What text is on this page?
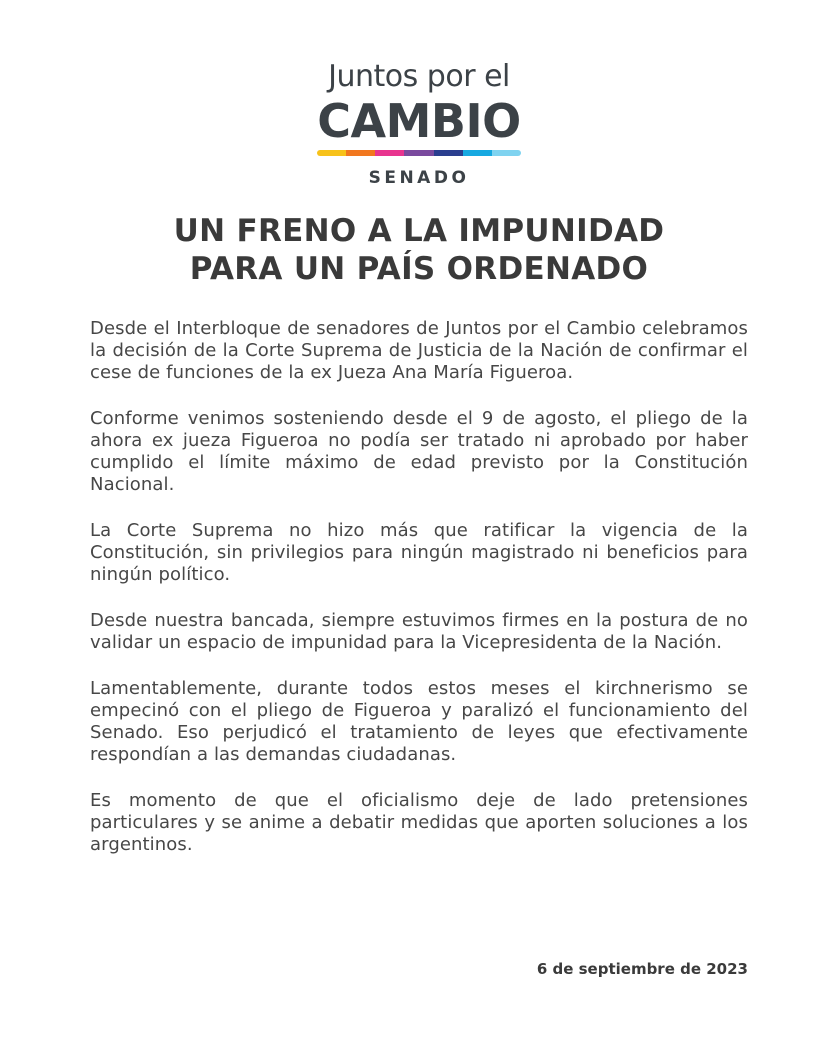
Juntos por el
CAMBIO
SENADO
UN FRENO A LA IMPUNIDAD
PARA UN PAÍS ORDENADO

Desde el Interbloque de senadores de Juntos por el Cambio celebramos la decisión de la Corte Suprema de Justicia de la Nación de confirmar el cese de funciones de la ex Jueza Ana María Figueroa.

Conforme venimos sosteniendo desde el 9 de agosto, el pliego de la ahora ex jueza Figueroa no podía ser tratado ni aprobado por haber cumplido el límite máximo de edad previsto por la Constitución Nacional.

La Corte Suprema no hizo más que ratificar la vigencia de la Constitución, sin privilegios para ningún magistrado ni beneficios para ningún político.

Desde nuestra bancada, siempre estuvimos firmes en la postura de no validar un espacio de impunidad para la Vicepresidenta de la Nación.

Lamentablemente, durante todos estos meses el kirchnerismo se empecinó con el pliego de Figueroa y paralizó el funcionamiento del Senado. Eso perjudicó el tratamiento de leyes que efectivamente respondían a las demandas ciudadanas.

Es momento de que el oficialismo deje de lado pretensiones particulares y se anime a debatir medidas que aporten soluciones a los argentinos.

6 de septiembre de 2023
